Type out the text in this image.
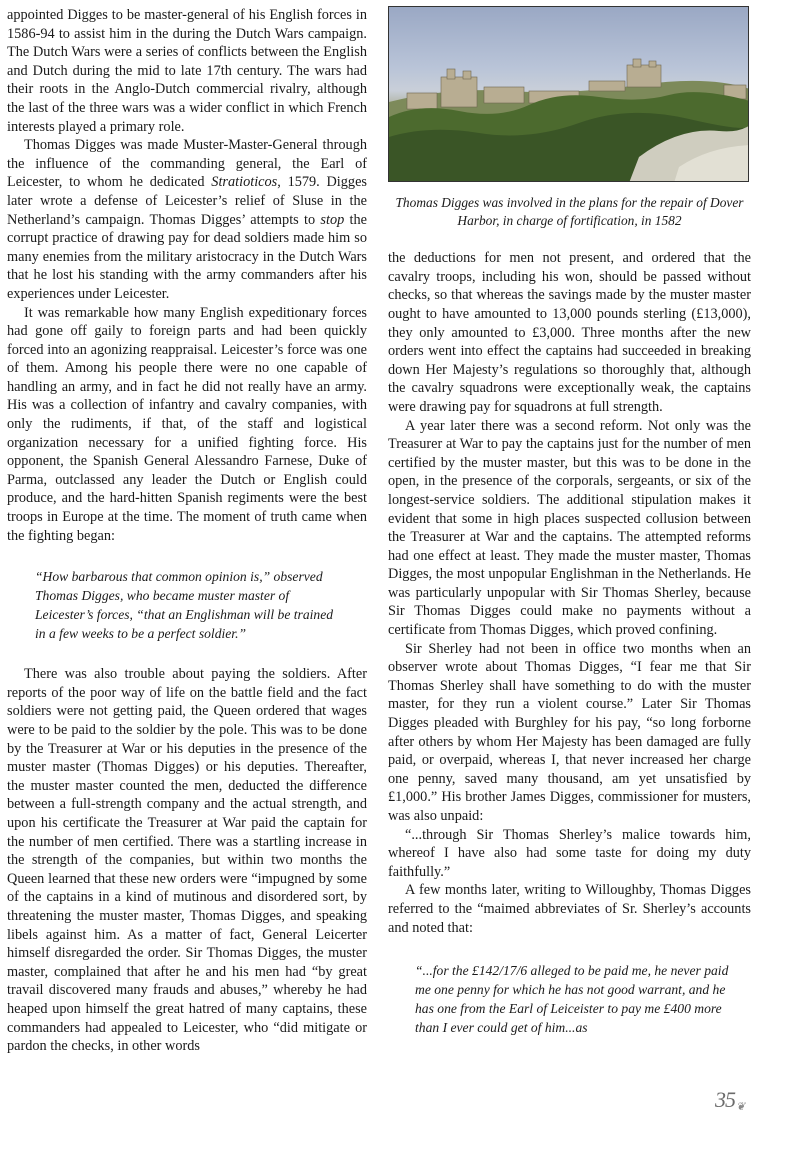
appointed Digges to be master-general of his English forces in 1586-94 to assist him in the during the Dutch Wars campaign. The Dutch Wars were a series of conflicts between the English and Dutch during the mid to late 17th century. The wars had their roots in the Anglo-Dutch commercial rivalry, although the last of the three wars was a wider conflict in which French interests played a primary role.

Thomas Digges was made Muster-Master-General through the influence of the commanding general, the Earl of Leicester, to whom he dedicated Stratioticos, 1579. Digges later wrote a defense of Leicester’s relief of Sluse in the Netherland’s campaign. Thomas Digges’ attempts to stop the corrupt practice of drawing pay for dead soldiers made him so many enemies from the military aristocracy in the Dutch Wars that he lost his standing with the army commanders after his experiences under Leicester.

It was remarkable how many English expeditionary forces had gone off gaily to foreign parts and had been quickly forced into an agonizing reappraisal. Leicester’s force was one of them. Among his people there were no one capable of handling an army, and in fact he did not really have an army. His was a collection of infantry and cavalry companies, with only the rudiments, if that, of the staff and logistical organization necessary for a unified fighting force. His opponent, the Spanish General Alessandro Farnese, Duke of Parma, outclassed any leader the Dutch or English could produce, and the hard-hitten Spanish regiments were the best troops in Europe at the time. The moment of truth came when the fighting began:

“How barbarous that common opinion is,” observed Thomas Digges, who became muster master of Leicester’s forces, “that an Englishman will be trained in a few weeks to be a perfect soldier.”

There was also trouble about paying the soldiers. After reports of the poor way of life on the battle field and the fact soldiers were not getting paid, the Queen ordered that wages were to be paid to the soldier by the pole. This was to be done by the Treasurer at War or his deputies in the presence of the muster master (Thomas Digges) or his deputies. Thereafter, the muster master counted the men, deducted the difference between a full-strength company and the actual strength, and upon his certificate the Treasurer at War paid the captain for the number of men certified. There was a startling increase in the strength of the companies, but within two months the Queen learned that these new orders were “impugned by some of the captains in a kind of mutinous and disordered sort, by threatening the muster master, Thomas Digges, and speaking libels against him. As a matter of fact, General Leicerter himself disregarded the order. Sir Thomas Digges, the muster master, complained that after he and his men had “by great travail discovered many frauds and abuses,” whereby he had heaped upon himself the great hatred of many captains, these commanders had appealed to Leicester, who “did mitigate or pardon the checks, in other words

Thomas Digges was involved in the plans for the repair of Dover Harbor, in charge of fortification, in 1582

the deductions for men not present, and ordered that the cavalry troops, including his won, should be passed without checks, so that whereas the savings made by the muster master ought to have amounted to 13,000 pounds sterling (£13,000), they only amounted to £3,000. Three months after the new orders went into effect the captains had succeeded in breaking down Her Majesty’s regulations so thoroughly that, although the cavalry squadrons were exceptionally weak, the captains were drawing pay for squadrons at full strength.

A year later there was a second reform. Not only was the Treasurer at War to pay the captains just for the number of men certified by the muster master, but this was to be done in the open, in the presence of the corporals, sergeants, or six of the longest-service soldiers. The additional stipulation makes it evident that some in high places suspected collusion between the Treasurer at War and the captains. The attempted reforms had one effect at least. They made the muster master, Thomas Digges, the most unpopular Englishman in the Netherlands. He was particularly unpopular with Sir Thomas Sherley, because Sir Thomas Digges could make no payments without a certificate from Thomas Digges, which proved confining.

Sir Sherley had not been in office two months when an observer wrote about Thomas Digges, “I fear me that Sir Thomas Sherley shall have something to do with the muster master, for they run a violent course.” Later Sir Thomas Digges pleaded with Burghley for his pay, “so long forborne after others by whom Her Majesty has been damaged are fully paid, or overpaid, whereas I, that never increased her charge one penny, saved many thousand, am yet unsatisfied by £1,000.” His brother James Digges, commissioner for musters, was also unpaid:

“...through Sir Thomas Sherley’s malice towards him, whereof I have also had some taste for doing my duty faithfully.”

A few months later, writing to Willoughby, Thomas Digges referred to the “maimed abbreviates of Sr. Sherley’s accounts and noted that:

“...for the £142/17/6 alleged to be paid me, he never paid me one penny for which he has not good warrant, and he has one from the Earl of Leiceister to pay me £400 more than I ever could get of him...as
35❦
